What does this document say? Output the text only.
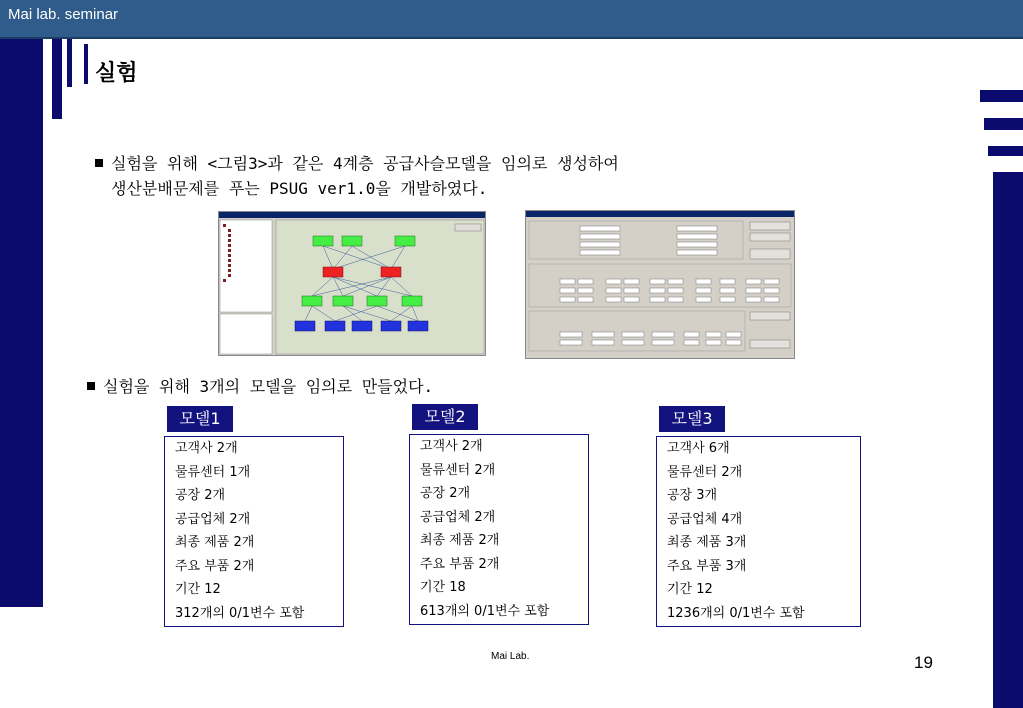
Mai lab. seminar
실험
실험을 위해 <그림3>과 같은 4계층 공급사슬모델을 임의로 생성하여
생산분배문제를 푸는 PSUG ver1.0을 개발하였다.
실험을 위해 3개의 모델을 임의로 만들었다.
모델1
고객사 2개
물류센터 1개
공장 2개
공급업체 2개
최종 제품 2개
주요 부품 2개
기간 12
312개의 0/1변수 포함
모델2
고객사 2개
물류센터 2개
공장 2개
공급업체 2개
최종 제품 2개
주요 부품 2개
기간 18
613개의 0/1변수 포함
모델3
고객사 6개
물류센터 2개
공장 3개
공급업체 4개
최종 제품 3개
주요 부품 3개
기간 12
1236개의 0/1변수 포함
Mai Lab.	19
